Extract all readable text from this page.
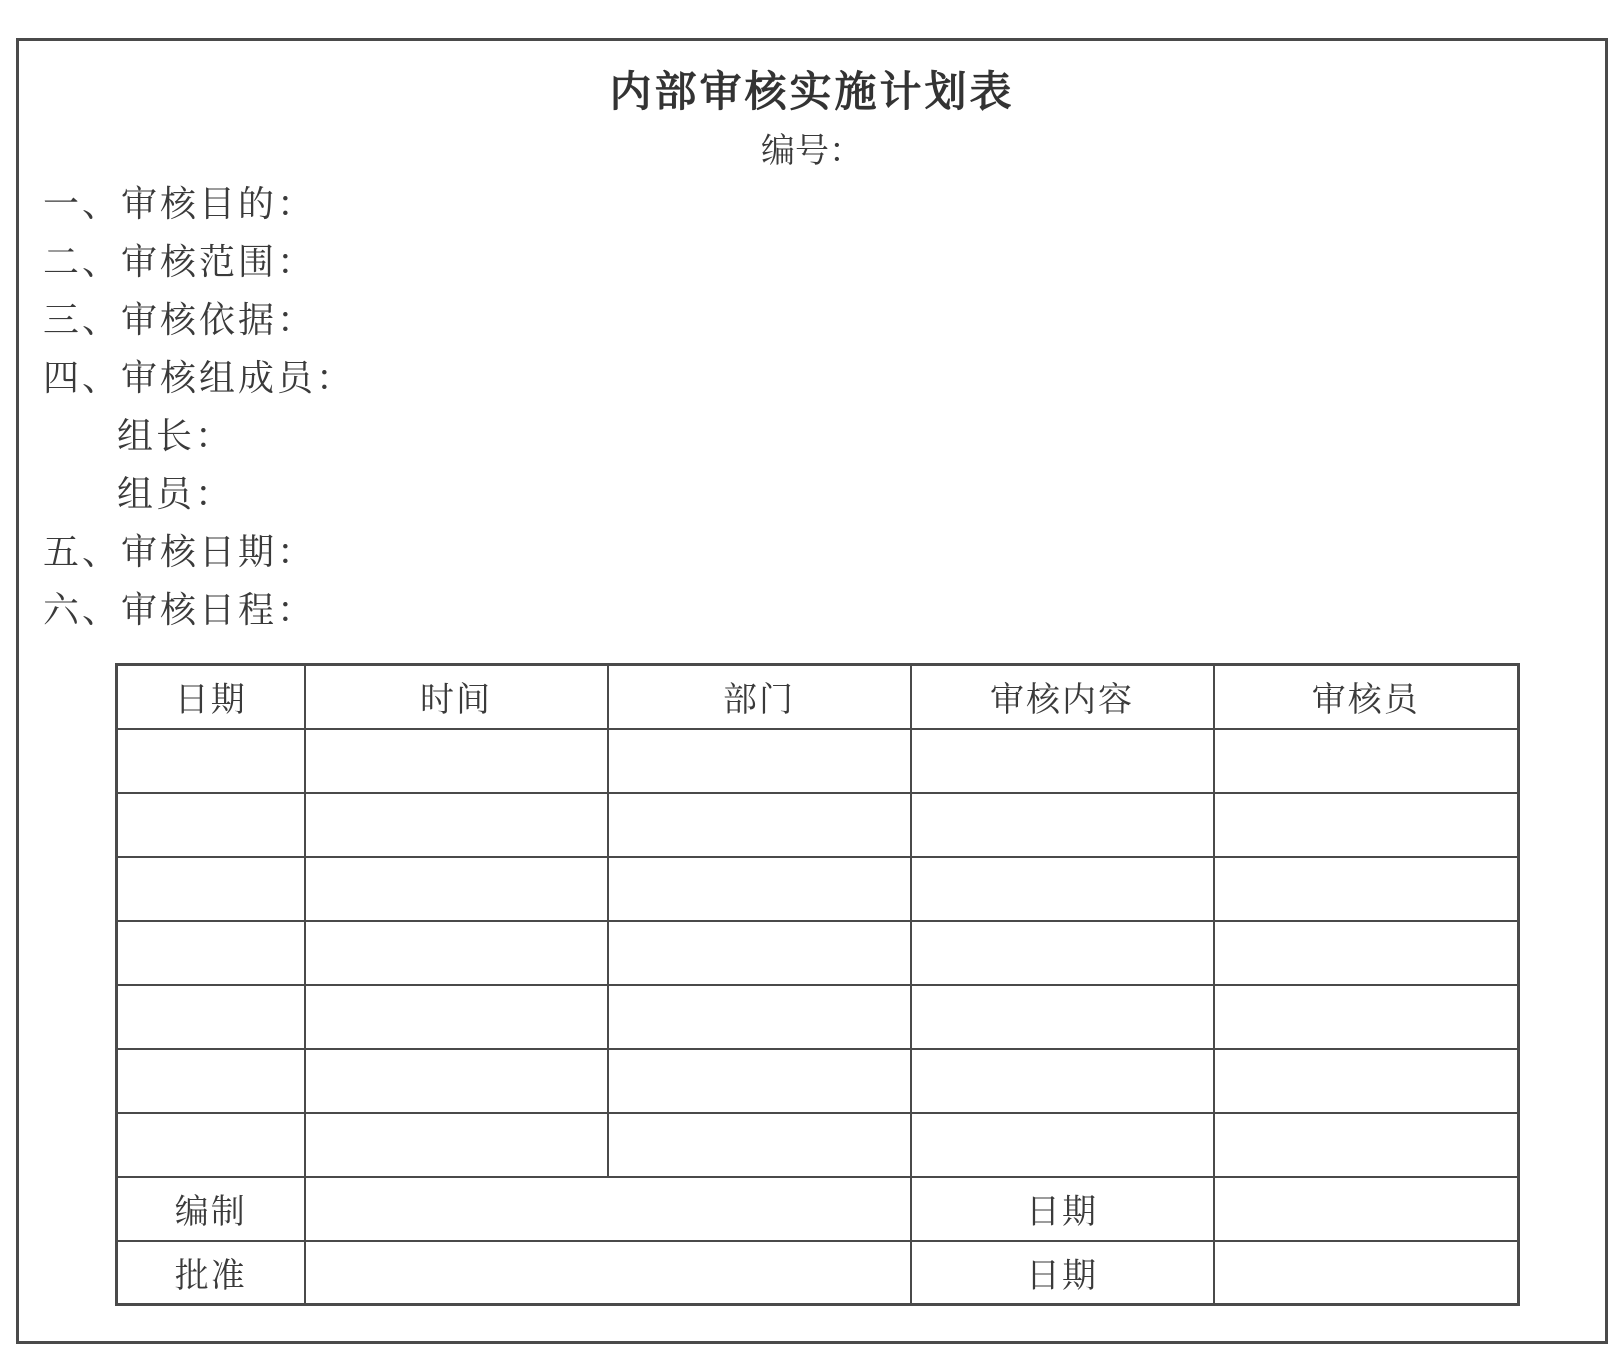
内部审核实施计划表
编号：
一、审核目的：
二、审核范围：
三、审核依据：
四、审核组成员：
组长：
组员：
五、审核日期：
六、审核日程：
日期	时间	部门	审核内容	审核员

编制			日期	
批准			日期	
